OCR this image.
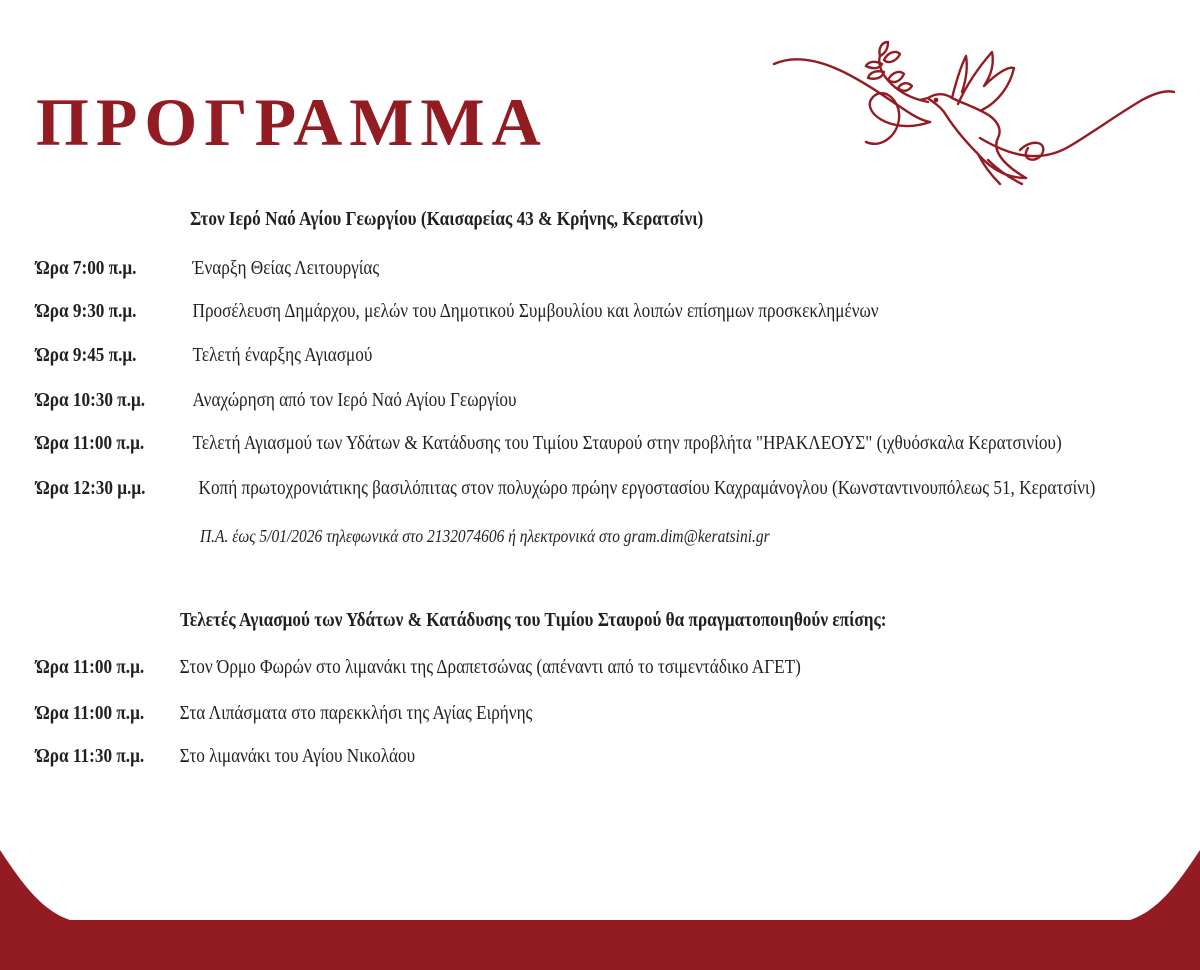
ΠΡΟΓΡΑΜΜΑ
Στον Ιερό Ναό Αγίου Γεωργίου (Καισαρείας 43 & Κρήνης, Κερατσίνι)
Ώρα 7:00 π.μ.	Έναρξη Θείας Λειτουργίας
Ώρα 9:30 π.μ.	Προσέλευση Δημάρχου, μελών του Δημοτικού Συμβουλίου και λοιπών επίσημων προσκεκλημένων
Ώρα 9:45 π.μ.	Τελετή έναρξης Αγιασμού
Ώρα 10:30 π.μ. Αναχώρηση από τον Ιερό Ναό Αγίου Γεωργίου
Ώρα 11:00 π.μ. Τελετή Αγιασμού των Υδάτων & Κατάδυσης του Τιμίου Σταυρού στην προβλήτα "ΗΡΑΚΛΕΟΥΣ" (ιχθυόσκαλα Κερατσινίου)
Ώρα 12:30 μ.μ.	Κοπή πρωτοχρονιάτικης βασιλόπιτας στον πολυχώρο πρώην εργοστασίου Καχραμάνογλου (Κωνσταντινουπόλεως 51, Κερατσίνι)
Π.Α. έως 5/01/2026 τηλεφωνικά στο 2132074606 ή ηλεκτρονικά στο gram.dim@keratsini.gr
Τελετές Αγιασμού των Υδάτων & Κατάδυσης του Τιμίου Σταυρού θα πραγματοποιηθούν επίσης:
Ώρα 11:00 π.μ. Στον Όρμο Φωρών στο λιμανάκι της Δραπετσώνας (απέναντι από το τσιμεντάδικο ΑΓΕΤ)
Ώρα 11:00 π.μ. Στα Λιπάσματα στο παρεκκλήσι της Αγίας Ειρήνης
Ώρα 11:30 π.μ. Στο λιμανάκι του Αγίου Νικολάου
